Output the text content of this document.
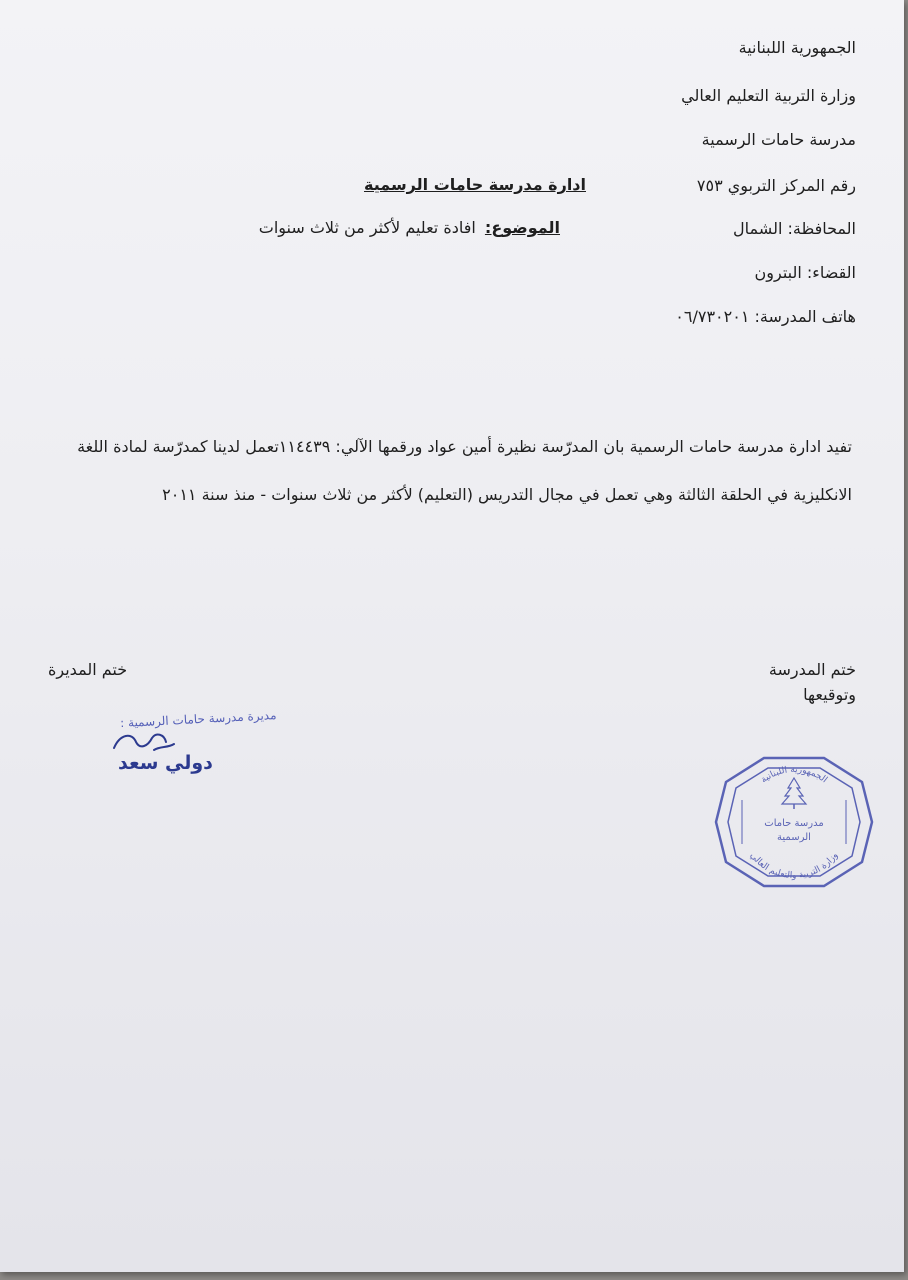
الجمهورية اللبنانية
وزارة التربية التعليم العالي
مدرسة حامات الرسمية
رقم المركز التربوي ٧٥٣
المحافظة: الشمال
القضاء: البترون
هاتف المدرسة: ٠٦/٧٣٠٢٠١
ادارة مدرسة حامات الرسمية
الموضوع: افادة تعليم لأكثر من ثلاث سنوات
تفيد ادارة مدرسة حامات الرسمية بان المدرّسة نظيرة أمين عواد ورقمها الآلي: ١١٤٤٣٩تعمل لدينا كمدرّسة لمادة اللغة
الانكليزية في الحلقة الثالثة وهي تعمل في مجال التدريس (التعليم) لأكثر من ثلاث سنوات - منذ سنة ٢٠١١
ختم المدرسة
وتوقيعها
ختم المديرة
مديرة مدرسة حامات الرسمية :
دولي سعد
الجمهورية اللبنانية
وزارة التربية والتعليم العالي
مدرسة حامات
الرسمية
